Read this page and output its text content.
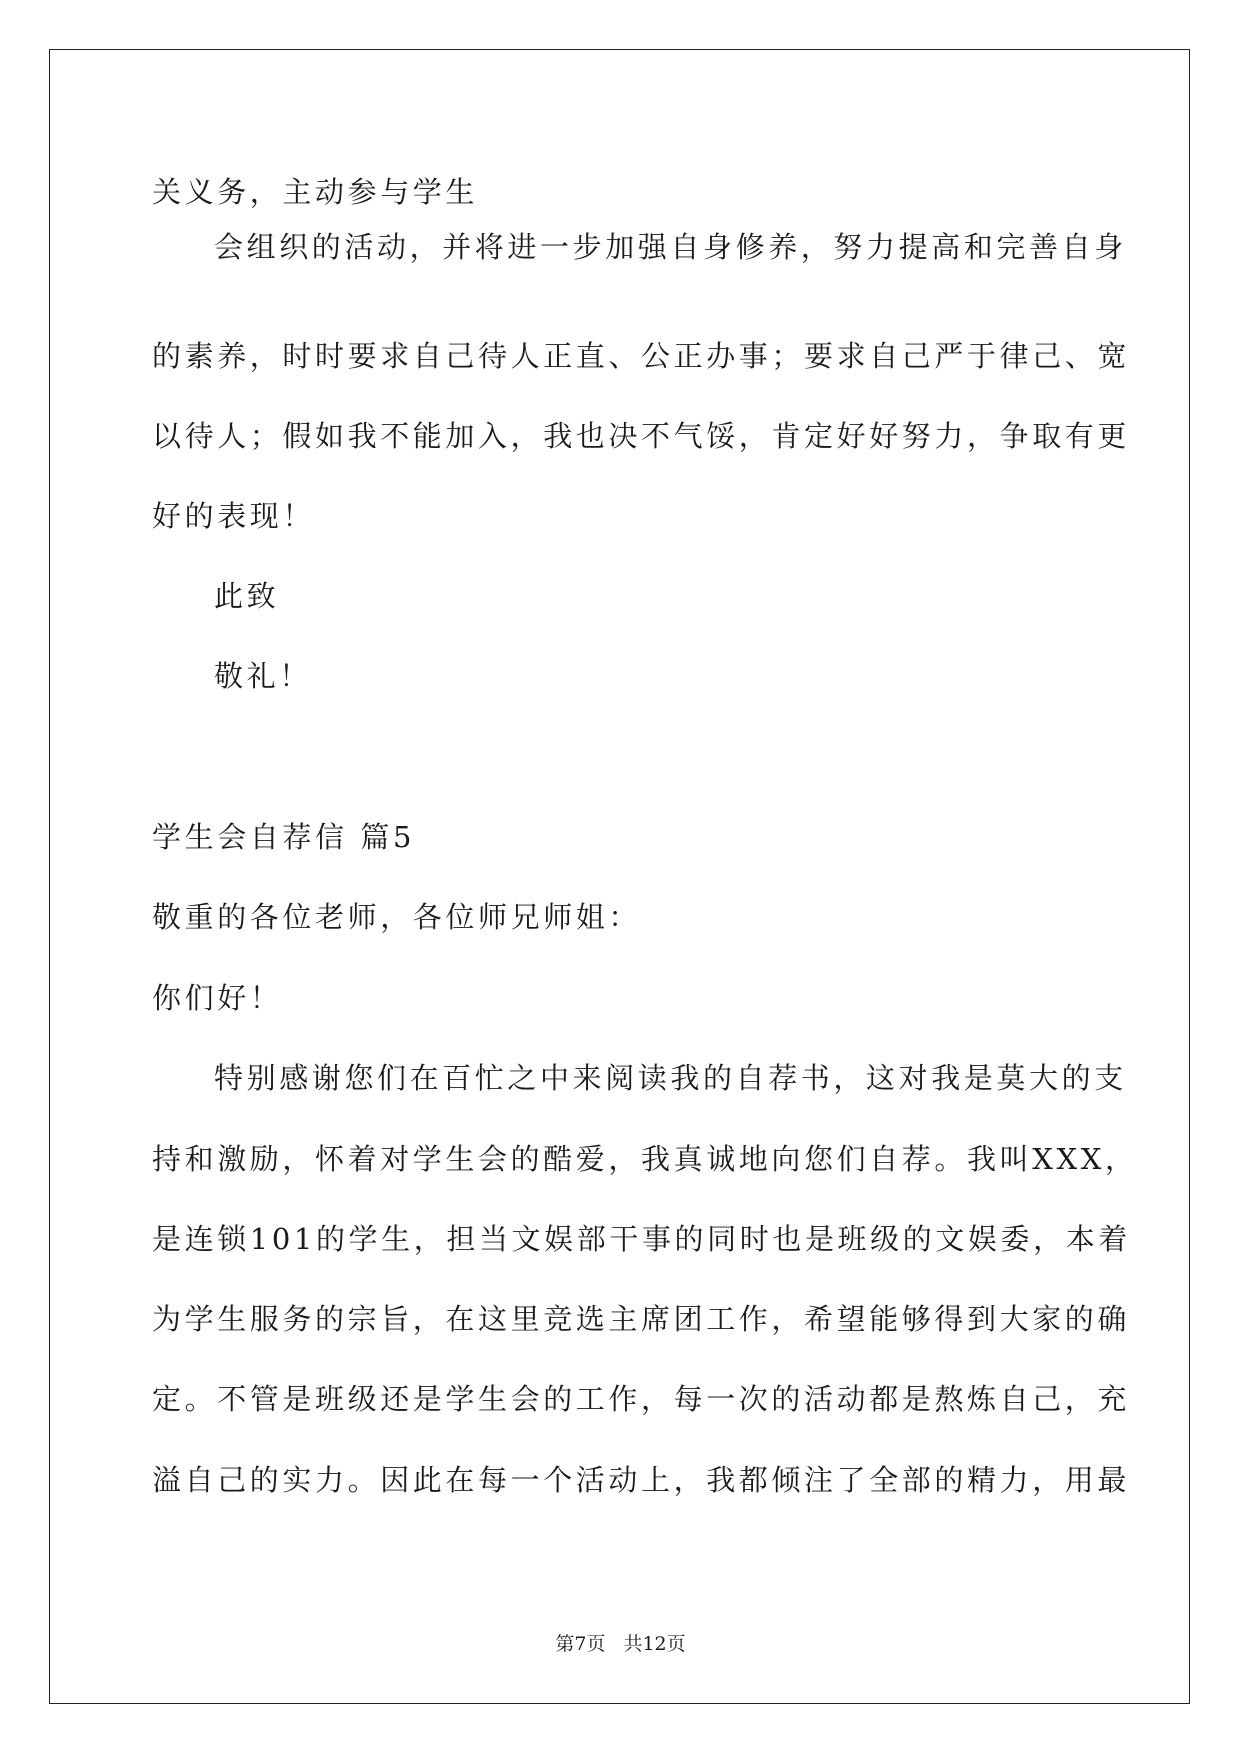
关义务，主动参与学生
会组织的活动，并将进一步加强自身修养，努力提高和完善自身
的素养，时时要求自己待人正直、公正办事；要求自己严于律己、宽
以待人；假如我不能加入，我也决不气馁，肯定好好努力，争取有更
好的表现！
此致
敬礼！
学生会自荐信 篇5
敬重的各位老师，各位师兄师姐：
你们好！
特别感谢您们在百忙之中来阅读我的自荐书，这对我是莫大的支
持和激励，怀着对学生会的酷爱，我真诚地向您们自荐。我叫XXX，
是连锁101的学生，担当文娱部干事的同时也是班级的文娱委，本着
为学生服务的宗旨，在这里竞选主席团工作，希望能够得到大家的确
定。不管是班级还是学生会的工作，每一次的活动都是熬炼自己，充
溢自己的实力。因此在每一个活动上，我都倾注了全部的精力，用最
第7页 共12页
